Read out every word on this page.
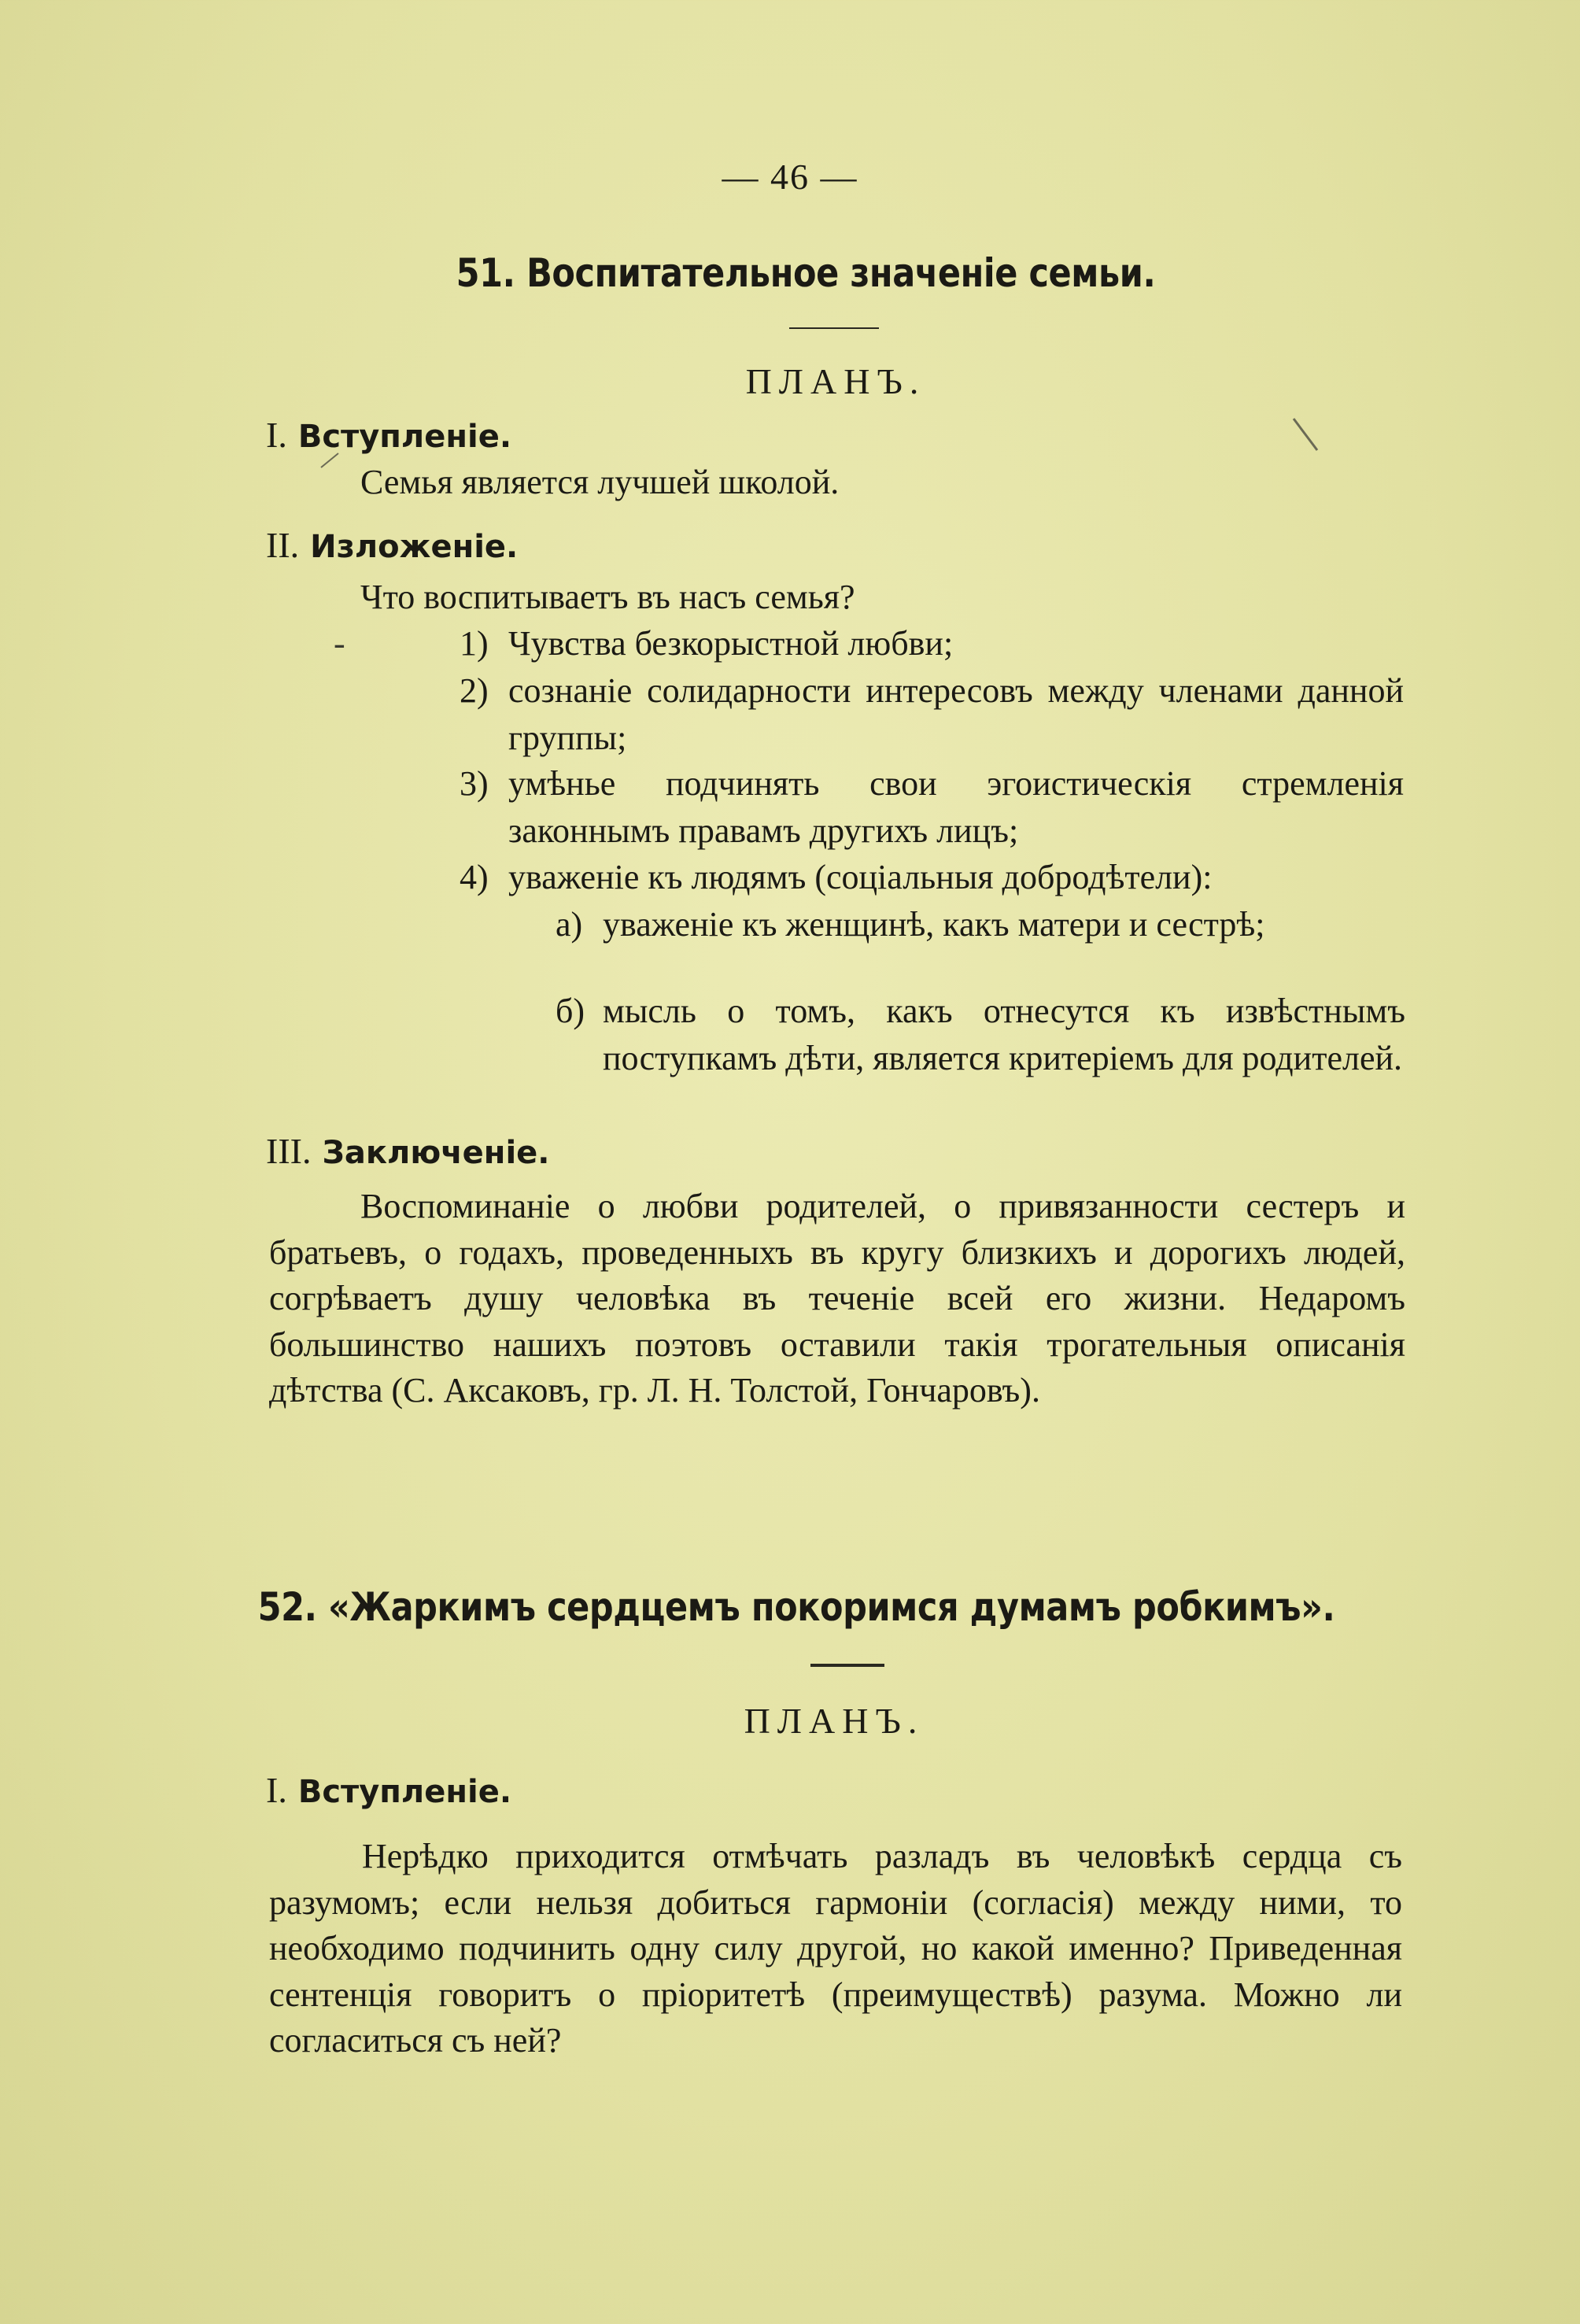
— 46 —
51. Воспитательное значеніе семьи.
ПЛАНЪ.
I. Вступленіе.
Семья является лучшей школой.
II. Изложеніе.
Что воспитываетъ въ насъ семья?
1) Чувства безкорыстной любви;
2) сознаніе солидарности интересовъ между членами данной группы;
3) умѣнье подчинять свои эгоистическія стремленія законнымъ правамъ другихъ лицъ;
4) уваженіе къ людямъ (соціальныя добродѣтели):
а) уваженіе къ женщинѣ, какъ матери и сестрѣ;
б) мысль о томъ, какъ отнесутся къ извѣстнымъ поступкамъ дѣти, является критеріемъ для родителей.
III. Заключеніе.
Воспоминаніе о любви родителей, о привязанности сестеръ и братьевъ, о годахъ, проведенныхъ въ кругу близкихъ и дорогихъ людей, согрѣваетъ душу человѣка въ теченіе всей его жизни. Недаромъ большинство нашихъ поэтовъ оставили такія трогательныя описанія дѣтства (С. Аксаковъ, гр. Л. Н. Толстой, Гончаровъ).
52. «Жаркимъ сердцемъ покоримся думамъ робкимъ».
ПЛАНЪ.
I. Вступленіе.
Нерѣдко приходится отмѣчать разладъ въ человѣкѣ сердца съ разумомъ; если нельзя добиться гармоніи (согласія) между ними, то необходимо подчинить одну силу другой, но какой именно? Приведенная сентенція говоритъ о пріоритетѣ (преимуществѣ) разума. Можно ли согласиться съ ней?
-
